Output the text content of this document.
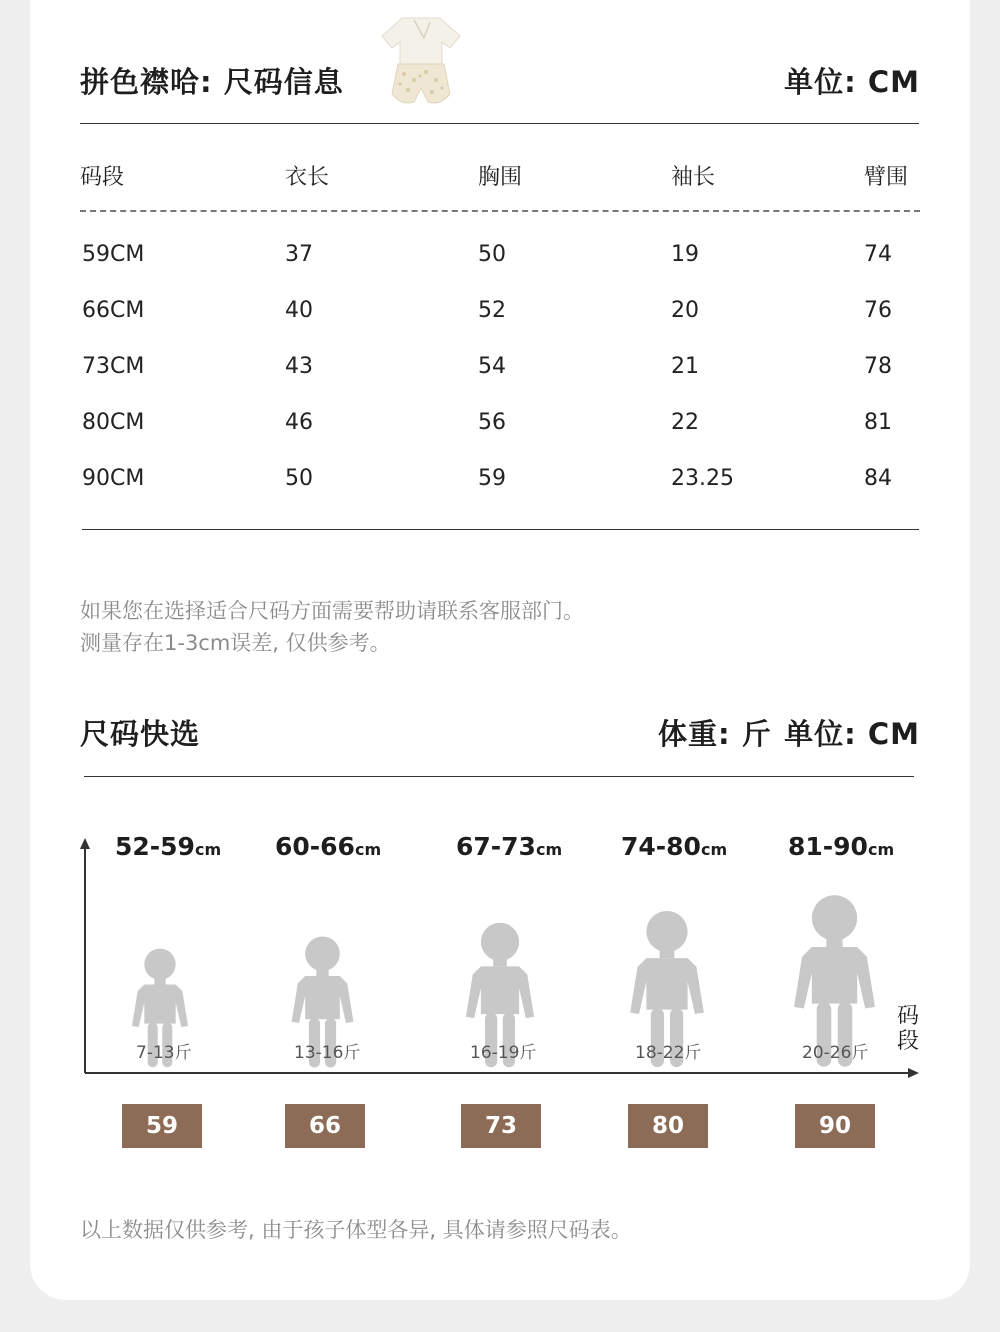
拼色襟哈: 尺码信息	单位: CM
码段	衣长	胸围	袖长	臂围
59CM	37	50	19	74
66CM	40	52	20	76
73CM	43	54	21	78
80CM	46	56	22	81
90CM	50	59	23.25	84
如果您在选择适合尺码方面需要帮助请联系客服部门。
测量存在1-3cm误差, 仅供参考。
尺码快选	体重: 斤 单位: CM
码段
52-59cm 60-66cm	67-73cm 74-80cm 81-90cm
7-13斤	13-16斤	16-19斤	18-22斤	20-26斤
59	66	73	80	90
以上数据仅供参考, 由于孩子体型各异, 具体请参照尺码表。
